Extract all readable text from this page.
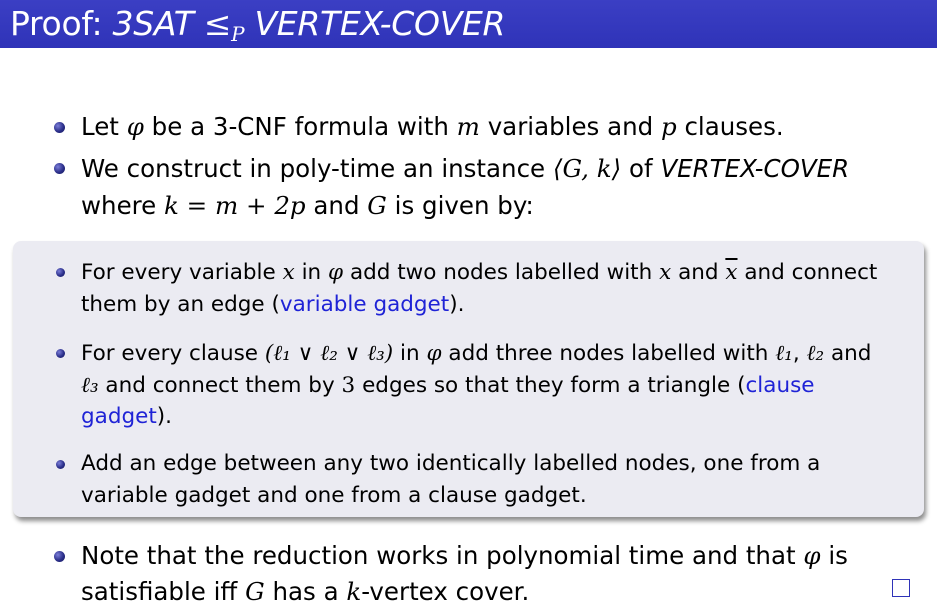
Proof: $3SAT \le_P$ VERTEX-COVER
Let φ be a 3-CNF formula with m variables and p clauses.
We construct in poly-time an instance ⟨G, k⟩ of VERTEX-COVER
where k = m + 2p and G is given by:
For every variable x in φ add two nodes labelled with x and $\overline{x}$ and connect
them by an edge (variable gadget).
For every clause (ℓ₁ ∨ ℓ₂ ∨ ℓ₃) in φ add three nodes labelled with ℓ₁, ℓ₂ and
ℓ₃ and connect them by 3 edges so that they form a triangle (clause
gadget).
Add an edge between any two identically labelled nodes, one from a
variable gadget and one from a clause gadget.
Note that the reduction works in polynomial time and that φ is
satisfiable iff G has a k-vertex cover.
